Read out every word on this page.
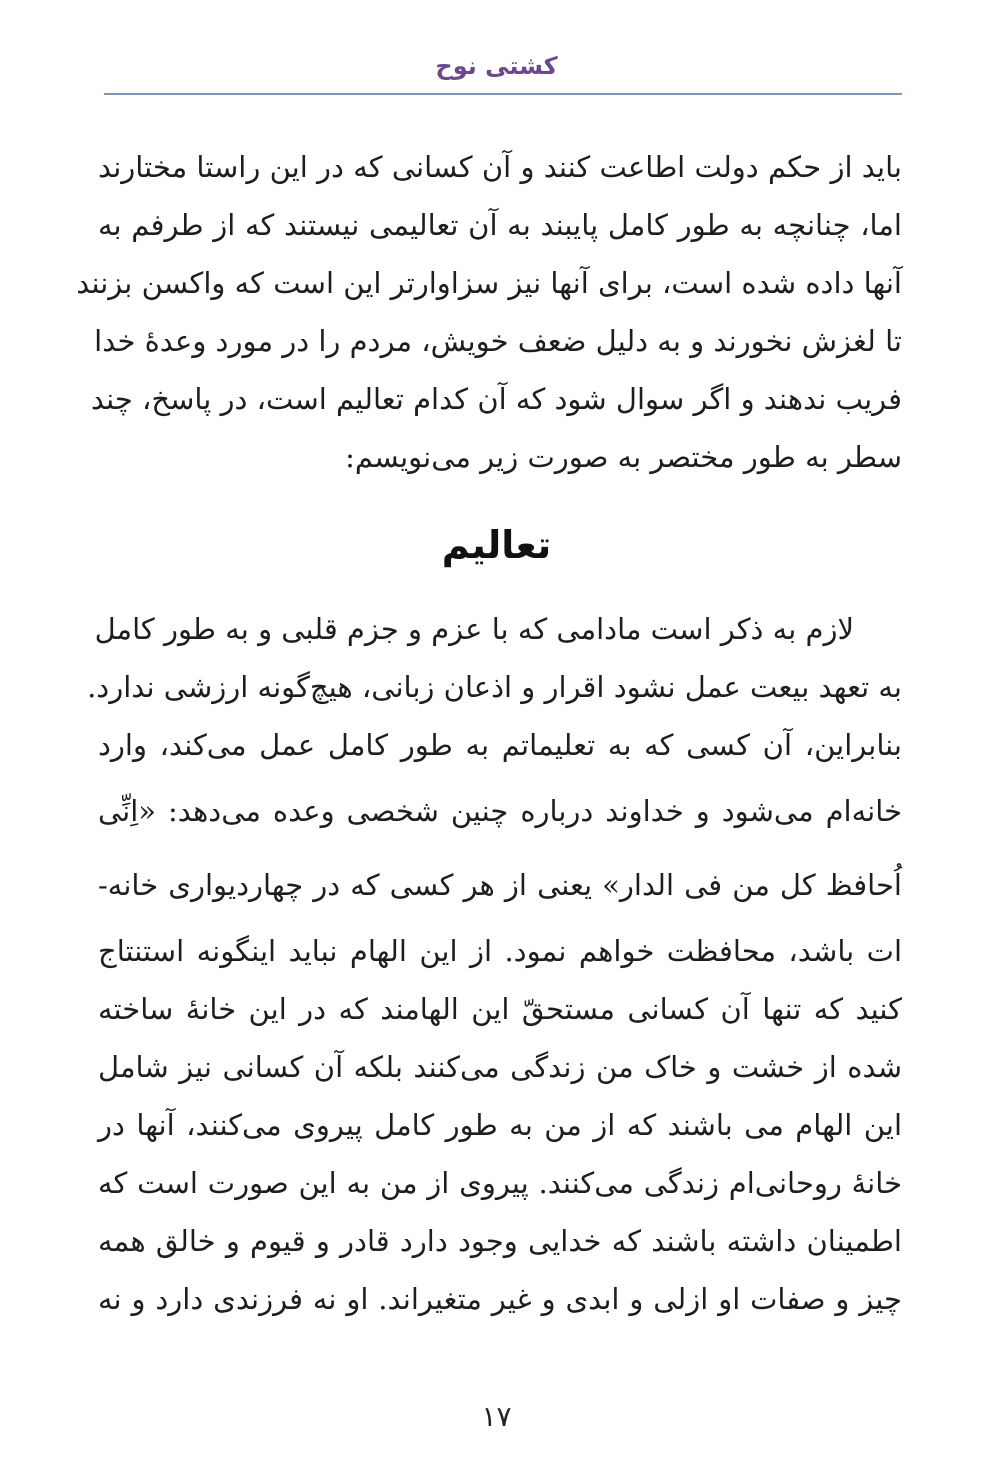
کشتی نوح
باید از حکم دولت اطاعت کنند و آن کسانی که در این راستا مختارند
اما، چنانچه به طور کامل پایبند به آن تعالیمی نیستند که از طرفم به
آنها داده شده است، برای آنها نیز سزاوارتر این است که واکسن بزنند
تا لغزش نخورند و به دلیل ضعف خویش، مردم را در مورد وعدهٔ خدا
فریب ندهند و اگر سوال شود که آن کدام تعالیم است، در پاسخ، چند
سطر به طور مختصر به صورت زیر می‌نویسم:
تعالیم
لازم به ذکر است مادامی که با عزم و جزم قلبی و به طور کامل
به تعهد بیعت عمل نشود اقرار و اذعان زبانی، هیچ‌گونه ارزشی ندارد.
بنابراین، آن کسی که به تعلیماتم به طور کامل عمل می‌کند، وارد
خانه‌ام می‌شود و خداوند درباره چنین شخصی وعده می‌دهد: «اِنِّی
اُحافظ کل من فی الدار» یعنی از هر کسی که در چهاردیواری خانه-
ات باشد، محافظت خواهم نمود. از این الهام نباید اینگونه استنتاج
کنید که تنها آن کسانی مستحقّ این الهامند که در این خانهٔ ساخته
شده از خشت و خاک من زندگی می‌کنند بلکه آن کسانی نیز شامل
این الهام می باشند که از من به طور کامل پیروی می‌کنند، آنها در
خانهٔ روحانی‌ام زندگی می‌کنند. پیروی از من به این صورت است که
اطمینان داشته باشند که خدایی وجود دارد قادر و قیوم و خالق همه
چیز و صفات او ازلی و ابدی و غیر متغیراند. او نه فرزندی دارد و نه
۱۷
